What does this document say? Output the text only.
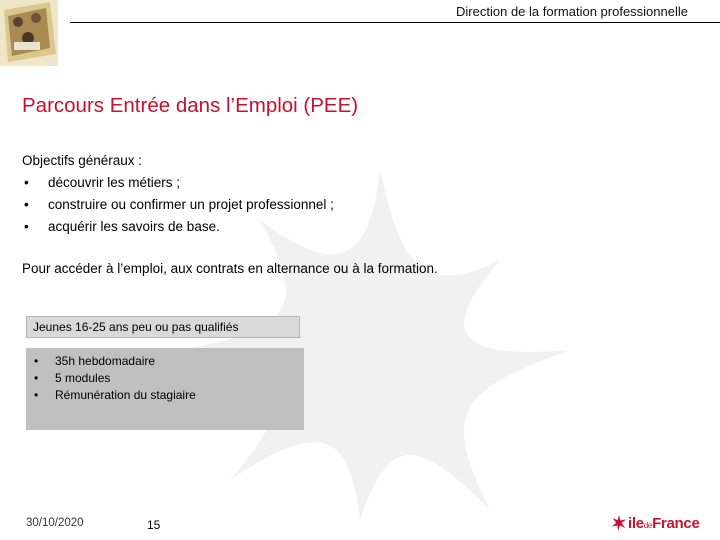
Direction de la formation professionnelle
Parcours Entrée dans l’Emploi (PEE)
Objectifs généraux :
• découvrir les métiers ;
• construire ou confirmer un projet professionnel ;
• acquérir les savoirs de base.
Pour accéder à l’emploi, aux contrats en alternance ou à la formation.
Jeunes 16-25 ans peu ou pas qualifiés
• 35h hebdomadaire
• 5 modules
• Rémunération du stagiaire
30/10/2020	15	iledeFrance
